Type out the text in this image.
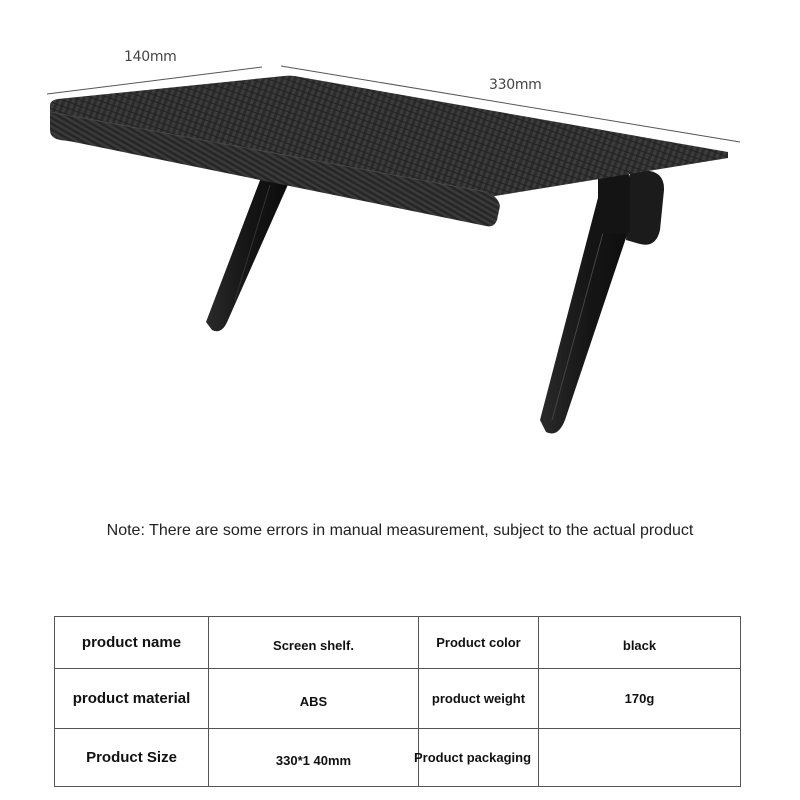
140mm
330mm
Note: There are some errors in manual measurement, subject to the actual product
product name	Screen shelf.	Product color	black
product material	ABS	product weight	170g
Product Size	330*1 40mm	Product packaging	
